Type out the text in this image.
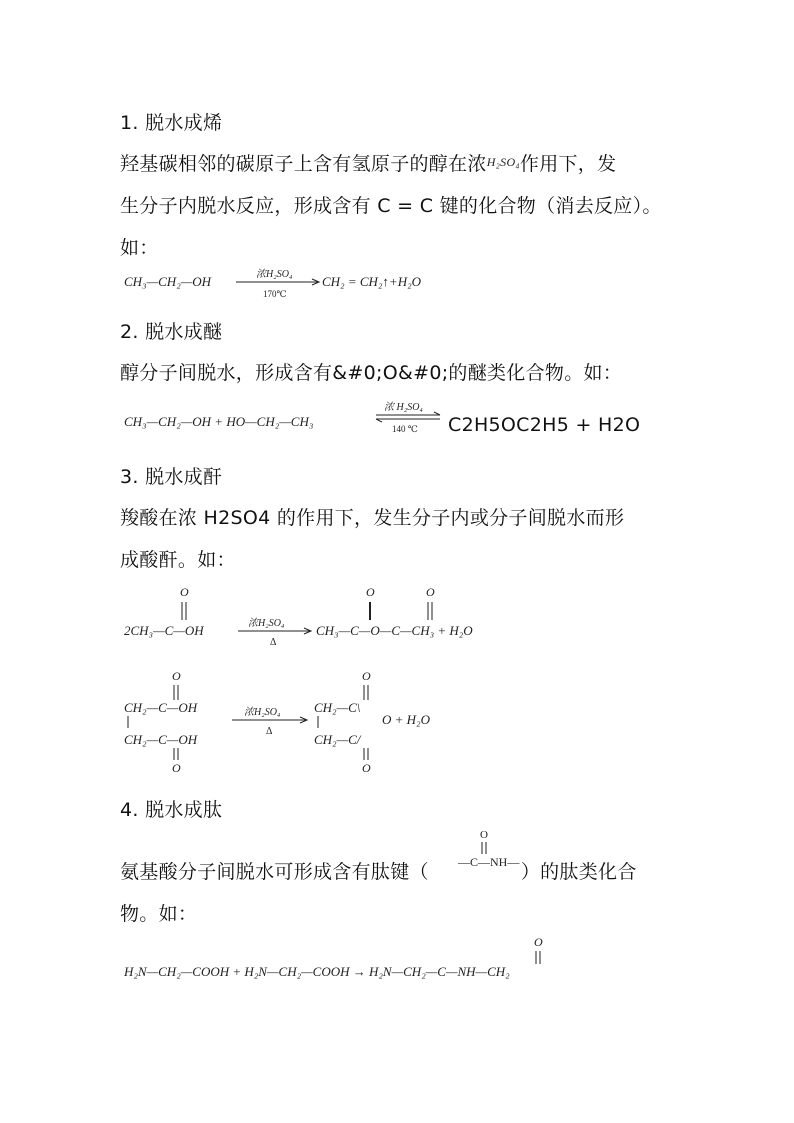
1. 脱水成烯
羟基碳相邻的碳原子上含有氢原子的醇在浓$^{H_2SO_4}$作用下，发
生分子内脱水反应，形成含有 C = C 键的化合物（消去反应）。
如：
CH₃—CH₂—OH	浓H₂SO₄
170℃
CH₂ = CH₂↑+H₂O
2. 脱水成醚
醇分子间脱水，形成含有&#0;O&#0;的醚类化合物。如：
CH₃—CH₂—OH + HO—CH₂—CH₃
浓 H₂SO₄
140 ℃ C2H5OC2H5 + H2O
3. 脱水成酐
羧酸在浓 H2SO4 的作用下，发生分子内或分子间脱水而形
成酸酐。如：
O
2CH₃—C—OH	浓H₂SO₄
Δ
O	O
CH₃—C—O—C—CH₃ + H₂O
O
CH₂—C—OH
CH₂—C—OH
O
浓H₂SO₄
Δ
O
CH₂—C\
CH₂—C/
O
O + H₂O
4. 脱水成肽
氨基酸分子间脱水可形成含有肽键（	）的肽类化合
O
—C—NH—
物。如：
O
H₂N—CH₂—COOH + H₂N—CH₂—COOH → H₂N—CH₂—C—NH—CH₂
